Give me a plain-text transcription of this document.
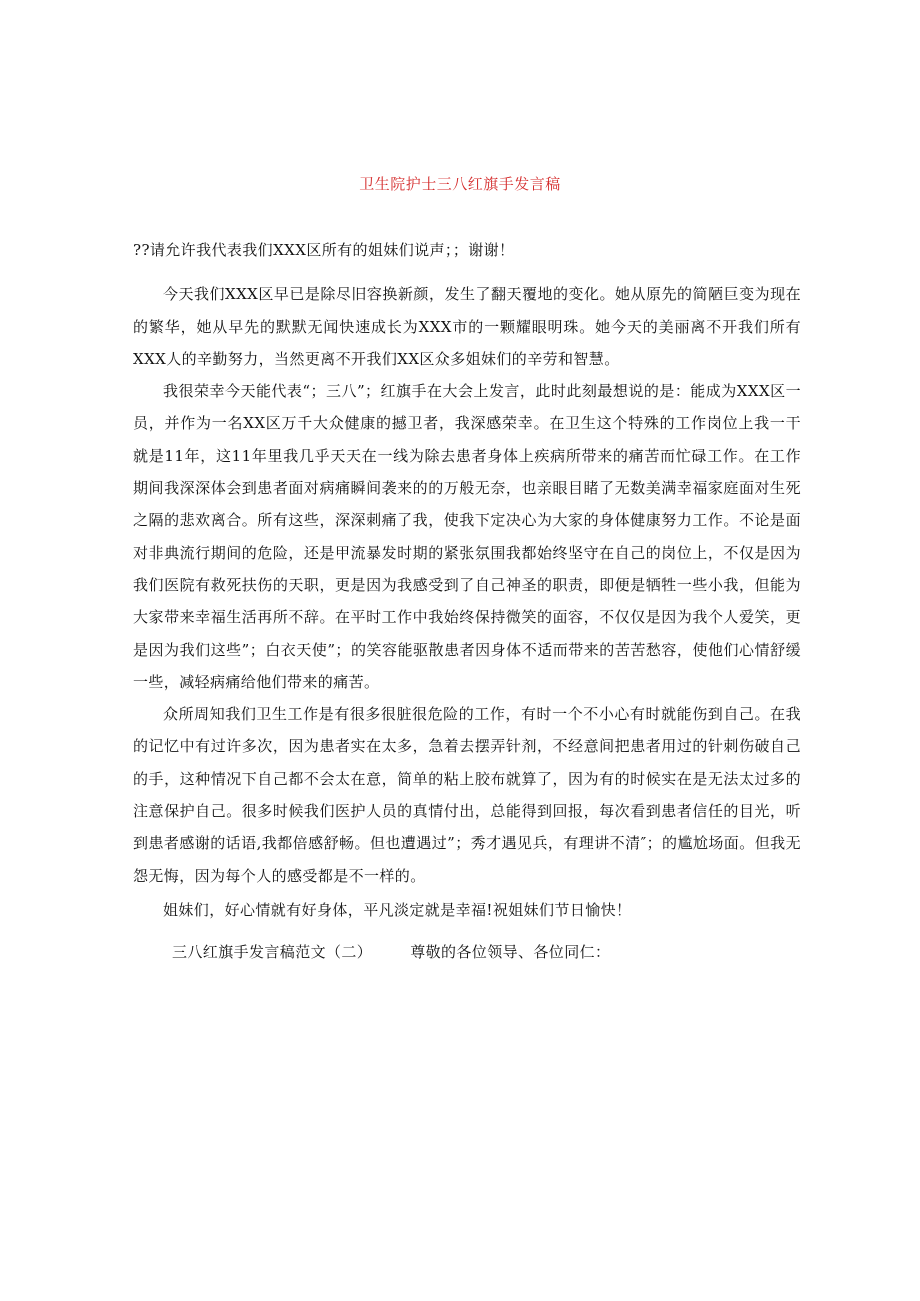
卫生院护士三八红旗手发言稿

??请允许我代表我们XXX区所有的姐妹们说声；；谢谢！

今天我们XXX区早已是除尽旧容换新颜，发生了翻天覆地的变化。她从原先的简陋巨变为现在的繁华，她从早先的默默无闻快速成长为XXX市的一颗耀眼明珠。她今天的美丽离不开我们所有XXX人的辛勤努力，当然更离不开我们XX区众多姐妹们的辛劳和智慧。

我很荣幸今天能代表“；三八”；红旗手在大会上发言，此时此刻最想说的是：能成为XXX区一员，并作为一名XX区万千大众健康的撼卫者，我深感荣幸。在卫生这个特殊的工作岗位上我一干就是11年，这11年里我几乎天天在一线为除去患者身体上疾病所带来的痛苦而忙碌工作。在工作期间我深深体会到患者面对病痛瞬间袭来的的万般无奈，也亲眼目睹了无数美满幸福家庭面对生死之隔的悲欢离合。所有这些，深深刺痛了我，使我下定决心为大家的身体健康努力工作。不论是面对非典流行期间的危险，还是甲流暴发时期的紧张氛围我都始终坚守在自己的岗位上，不仅是因为我们医院有救死扶伤的天职，更是因为我感受到了自己神圣的职责，即便是牺牲一些小我，但能为大家带来幸福生活再所不辞。在平时工作中我始终保持微笑的面容，不仅仅是因为我个人爱笑，更是因为我们这些”；白衣天使”；的笑容能驱散患者因身体不适而带来的苦苦愁容，使他们心情舒缓一些，减轻病痛给他们带来的痛苦。

众所周知我们卫生工作是有很多很脏很危险的工作，有时一个不小心有时就能伤到自己。在我的记忆中有过许多次，因为患者实在太多，急着去摆弄针剂，不经意间把患者用过的针刺伤破自己的手，这种情况下自己都不会太在意，简单的粘上胶布就算了，因为有的时候实在是无法太过多的注意保护自己。很多时候我们医护人员的真情付出，总能得到回报，每次看到患者信任的目光，听到患者感谢的话语,我都倍感舒畅。但也遭遇过”；秀才遇见兵，有理讲不清″；的尴尬场面。但我无怨无悔，因为每个人的感受都是不一样的。

姐妹们，好心情就有好身体，平凡淡定就是幸福!祝姐妹们节日愉快！

三八红旗手发言稿范文（二）	尊敬的各位领导、各位同仁：
